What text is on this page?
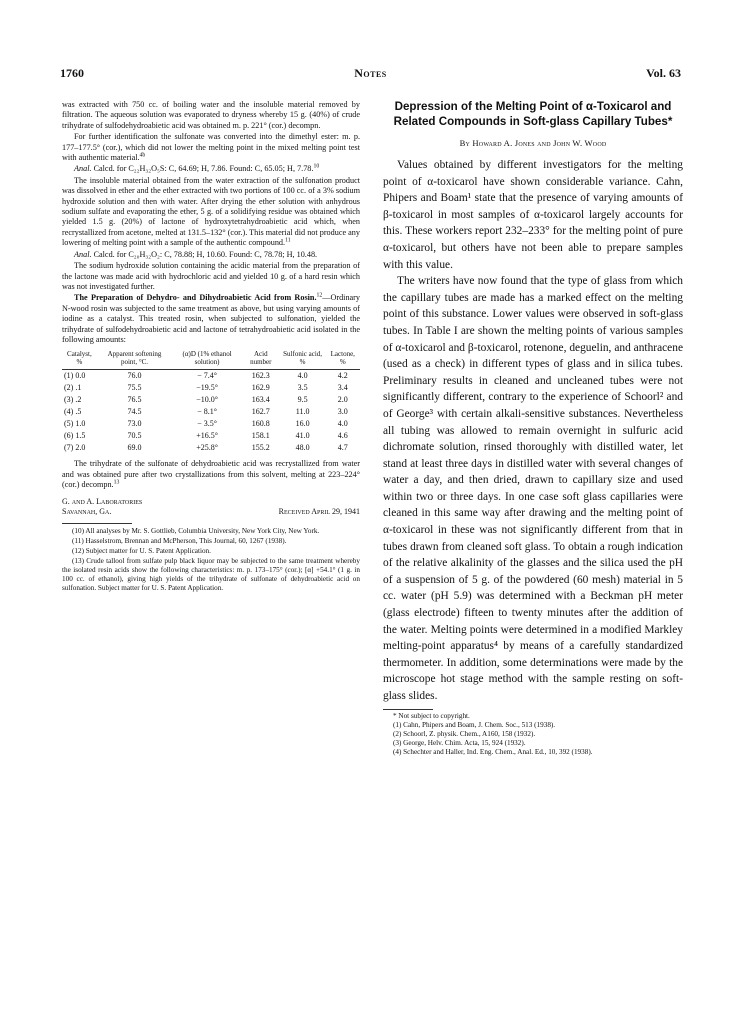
1760	Notes	Vol. 63

was extracted with 750 cc. of boiling water and the insoluble material removed by filtration. The aqueous solution was evaporated to dryness whereby 15 g. (40%) of crude trihydrate of sulfodehydroabietic acid was obtained m. p. 221° (cor.) decompn.

For further identification the sulfonate was converted into the dimethyl ester: m. p. 177–177.5° (cor.), which did not lower the melting point in the mixed melting point test with authentic material.$^{4b}$

Anal. Calcd. for C₂₂H₃₂O₅S: C, 64.69; H, 7.86. Found: C, 65.05; H, 7.78.10

The insoluble material obtained from the water extraction of the sulfonation product was dissolved in ether and the ether extracted with two portions of 100 cc. of a 3% sodium hydroxide solution and then with water. After drying the ether solution with anhydrous sodium sulfate and evaporating the ether, 5 g. of a solidifying residue was obtained which yielded 1.5 g. (20%) of lactone of hydroxytetrahydroabietic acid which, when recrystallized from acetone, melted at 131.5–132° (cor.). This material did not produce any lowering of melting point with a sample of the authentic compound.$^{11}$

Anal. Calcd. for C₂₀H₃₂O₂: C, 78.88; H, 10.60. Found: C, 78.78; H, 10.48.

The sodium hydroxide solution containing the acidic material from the preparation of the lactone was made acid with hydrochloric acid and yielded 10 g. of a hard resin which was not investigated further.

The Preparation of Dehydro- and Dihydroabietic Acid from Rosin.$^{12}$—Ordinary N-wood rosin was subjected to the same treatment as above, but using varying amounts of iodine as a catalyst. This treated rosin, when subjected to sulfonation, yielded the trihydrate of sulfodehydroabietic acid and lactone of tetrahydroabietic acid isolated in the following amounts:

Catalyst, %	Apparent softening point, °C.	(α)D (1% ethanol solution)	Acid number	Sulfonic acid, %	Lactone, %

(1) 0.0	76.0	− 7.4°	162.3	4.0	4.2
(2) .1	75.5	−19.5°	162.9	3.5	3.4
(3) .2	76.5	−10.0°	163.4	9.5	2.0
(4) .5	74.5	− 8.1°	162.7	11.0	3.0
(5) 1.0	73.0	− 3.5°	160.8	16.0	4.0
(6) 1.5	70.5	+16.5°	158.1	41.0	4.6
(7) 2.0	69.0	+25.8°	155.2	48.0	4.7

The trihydrate of the sulfonate of dehydroabietic acid was recrystallized from water and was obtained pure after two crystallizations from this solvent, melting at 223–224° (cor.) decompn.$^{13}$

G. and A. Laboratories
Savannah, Ga.	Received April 29, 1941

(10) All analyses by Mr. S. Gottlieb, Columbia University, New York City, New York.

(11) Hasselstrom, Brennan and McPherson, This Journal, 60, 1267 (1938).

(12) Subject matter for U. S. Patent Application.

(13) Crude tallool from sulfate pulp black liquor may be subjected to the same treatment whereby the isolated resin acids show the following characteristics: m. p. 173–175° (cor.); [α] +54.1° (1 g. in 100 cc. of ethanol), giving high yields of the trihydrate of sulfonate of dehydroabietic acid on sulfonation. Subject matter for U. S. Patent Application.

Depression of the Melting Point of α-Toxicarol and Related Compounds in Soft-glass Capillary Tubes*
By Howard A. Jones and John W. Wood

Values obtained by different investigators for the melting point of α-toxicarol have shown considerable variance. Cahn, Phipers and Boam¹ state that the presence of varying amounts of β-toxicarol in most samples of α-toxicarol largely accounts for this. These workers report 232–233° for the melting point of pure α-toxicarol, but others have not been able to prepare samples with this value.

The writers have now found that the type of glass from which the capillary tubes are made has a marked effect on the melting point of this substance. Lower values were observed in soft-glass tubes. In Table I are shown the melting points of various samples of α-toxicarol and β-toxicarol, rotenone, deguelin, and anthracene (used as a check) in different types of glass and in silica tubes. Preliminary results in cleaned and uncleaned tubes were not significantly different, contrary to the experience of Schoorl² and of George³ with certain alkali-sensitive substances. Nevertheless all tubing was allowed to remain overnight in sulfuric acid dichromate solution, rinsed thoroughly with distilled water, let stand at least three days in distilled water with several changes of water a day, and then dried, drawn to capillary size and used within two or three days. In one case soft glass capillaries were cleaned in this same way after drawing and the melting point of α-toxicarol in these was not significantly different from that in tubes drawn from cleaned soft glass. To obtain a rough indication of the relative alkalinity of the glasses and the silica used the pH of a suspension of 5 g. of the powdered (60 mesh) material in 5 cc. water (pH 5.9) was determined with a Beckman pH meter (glass electrode) fifteen to twenty minutes after the addition of the water. Melting points were determined in a modified Markley melting-point apparatus⁴ by means of a carefully standardized thermometer. In addition, some determinations were made by the microscope hot stage method with the sample resting on soft-glass slides.

* Not subject to copyright.

(1) Cahn, Phipers and Boam, J. Chem. Soc., 513 (1938).

(2) Schoorl, Z. physik. Chem., A160, 158 (1932).

(3) George, Helv. Chim. Acta, 15, 924 (1932).

(4) Schechter and Haller, Ind. Eng. Chem., Anal. Ed., 10, 392 (1938).
